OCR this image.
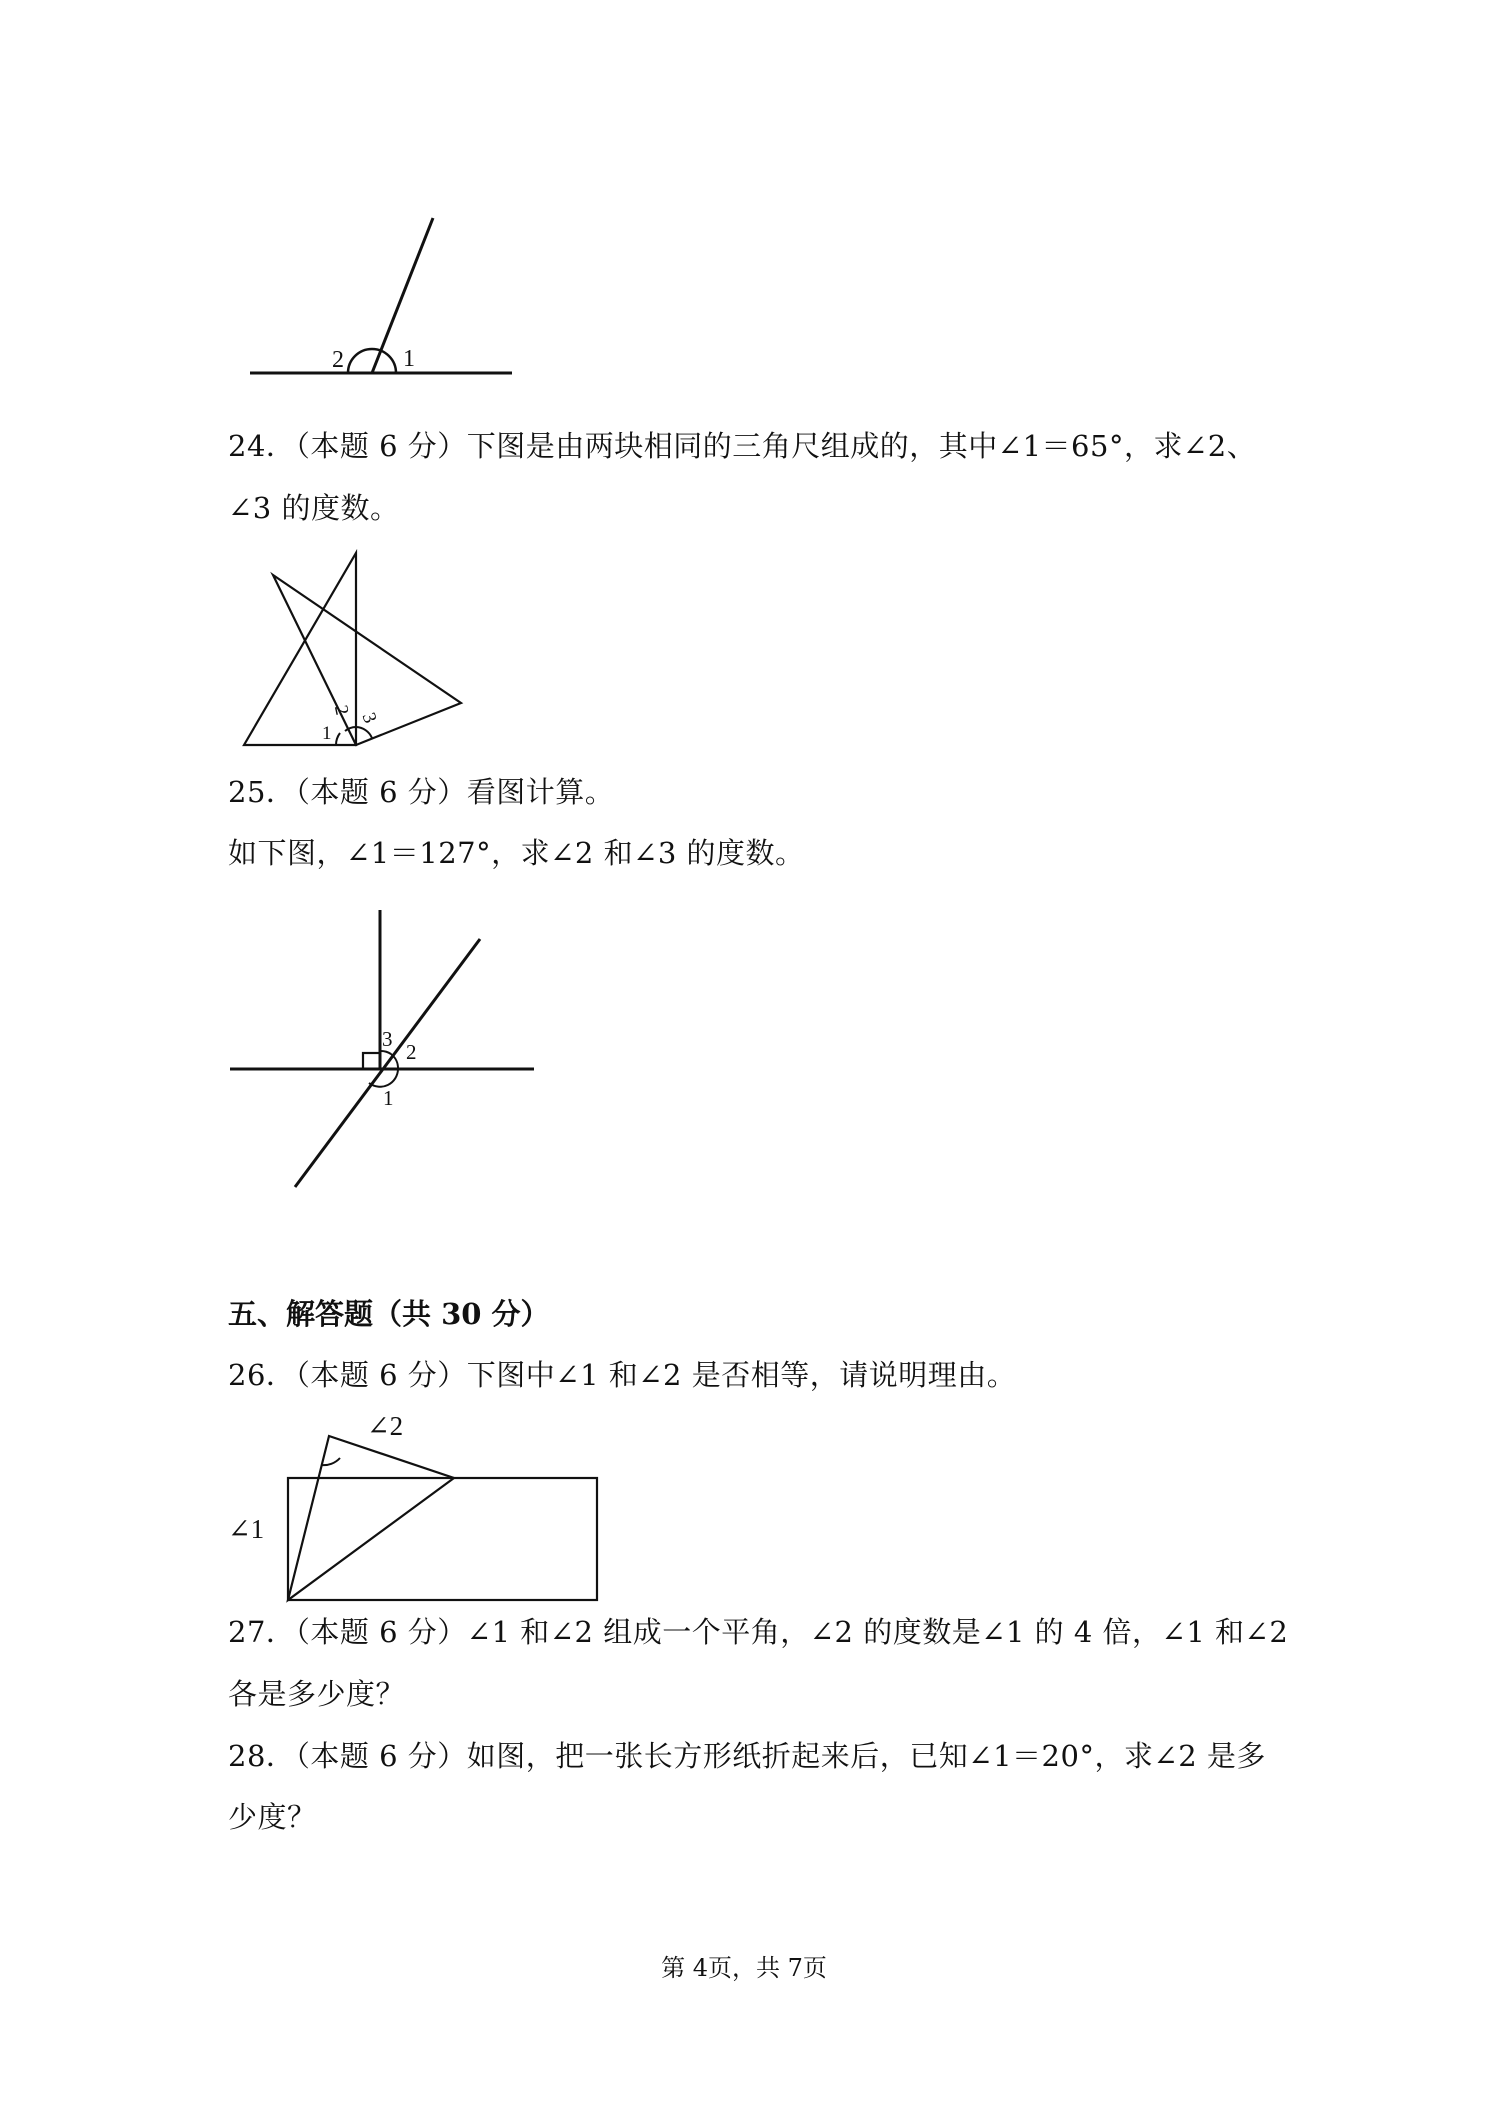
2 1
24．（本题 6 分）下图是由两块相同的三角尺组成的，其中∠1＝65°，求∠2、
∠3 的度数。
1
2 3
25．（本题 6 分）看图计算。
如下图，∠1＝127°，求∠2 和∠3 的度数。
3
2
1
五、解答题（共 30 分）
26．（本题 6 分）下图中∠1 和∠2 是否相等，请说明理由。
∠2
∠1
27．（本题 6 分）∠1 和∠2 组成一个平角，∠2 的度数是∠1 的 4 倍，∠1 和∠2
各是多少度？
28．（本题 6 分）如图，把一张长方形纸折起来后，已知∠1＝20°，求∠2 是多
少度？
第 4页，共 7页
